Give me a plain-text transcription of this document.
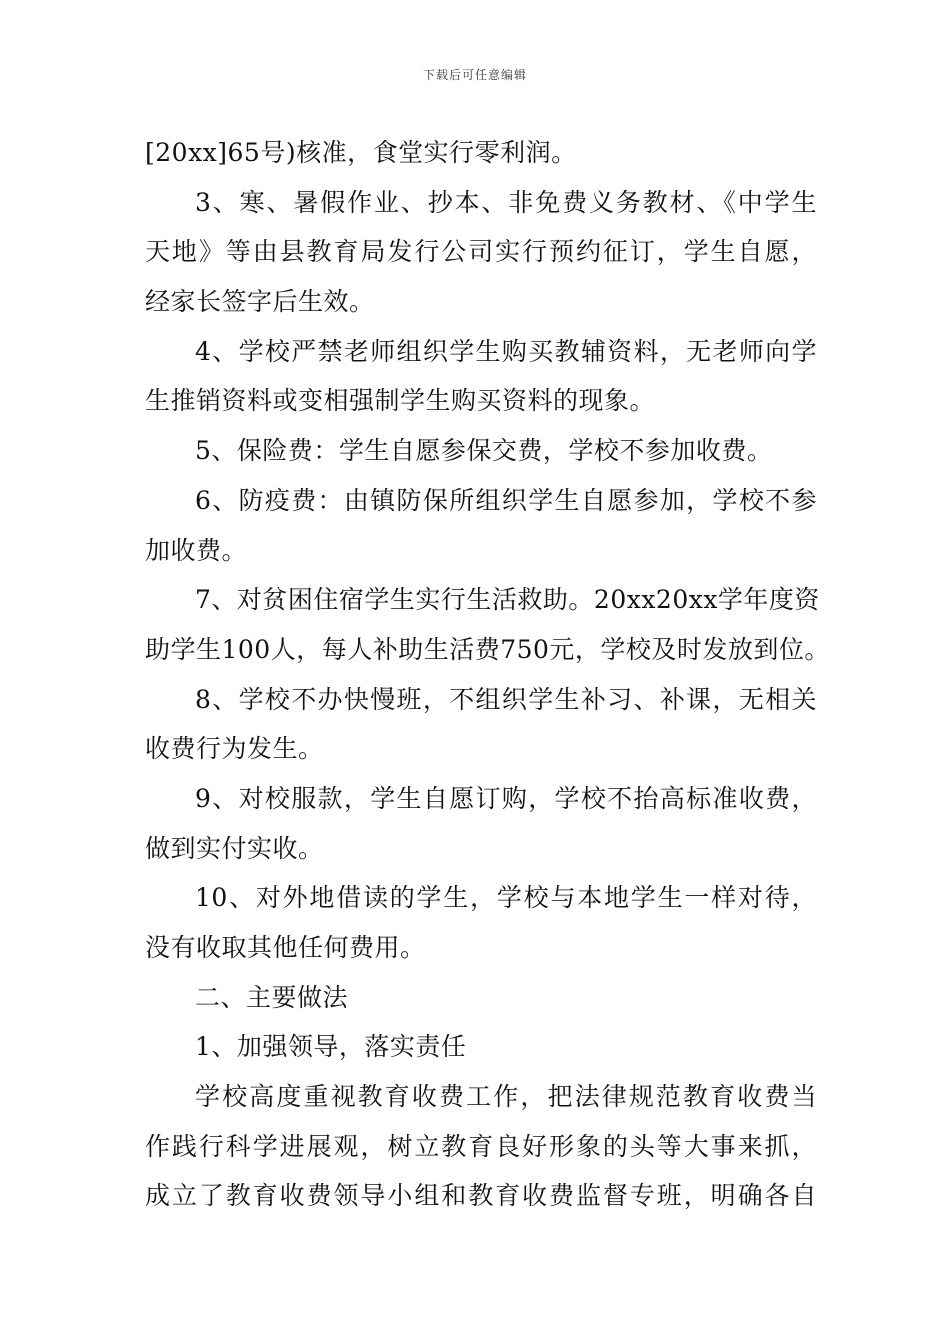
下载后可任意编辑
[20xx]65号)核准，食堂实行零利润。
3、寒、暑假作业、抄本、非免费义务教材、《中学生
天地》等由县教育局发行公司实行预约征订，学生自愿，
经家长签字后生效。
4、学校严禁老师组织学生购买教辅资料，无老师向学
生推销资料或变相强制学生购买资料的现象。
5、保险费：学生自愿参保交费，学校不参加收费。
6、防疫费：由镇防保所组织学生自愿参加，学校不参
加收费。
7、对贫困住宿学生实行生活救助。20xx20xx学年度资
助学生100人，每人补助生活费750元，学校及时发放到位。
8、学校不办快慢班，不组织学生补习、补课，无相关
收费行为发生。
9、对校服款，学生自愿订购，学校不抬高标准收费，
做到实付实收。
10、对外地借读的学生，学校与本地学生一样对待，
没有收取其他任何费用。
二、主要做法
1、加强领导，落实责任
学校高度重视教育收费工作，把法律规范教育收费当
作践行科学进展观，树立教育良好形象的头等大事来抓，
成立了教育收费领导小组和教育收费监督专班，明确各自
